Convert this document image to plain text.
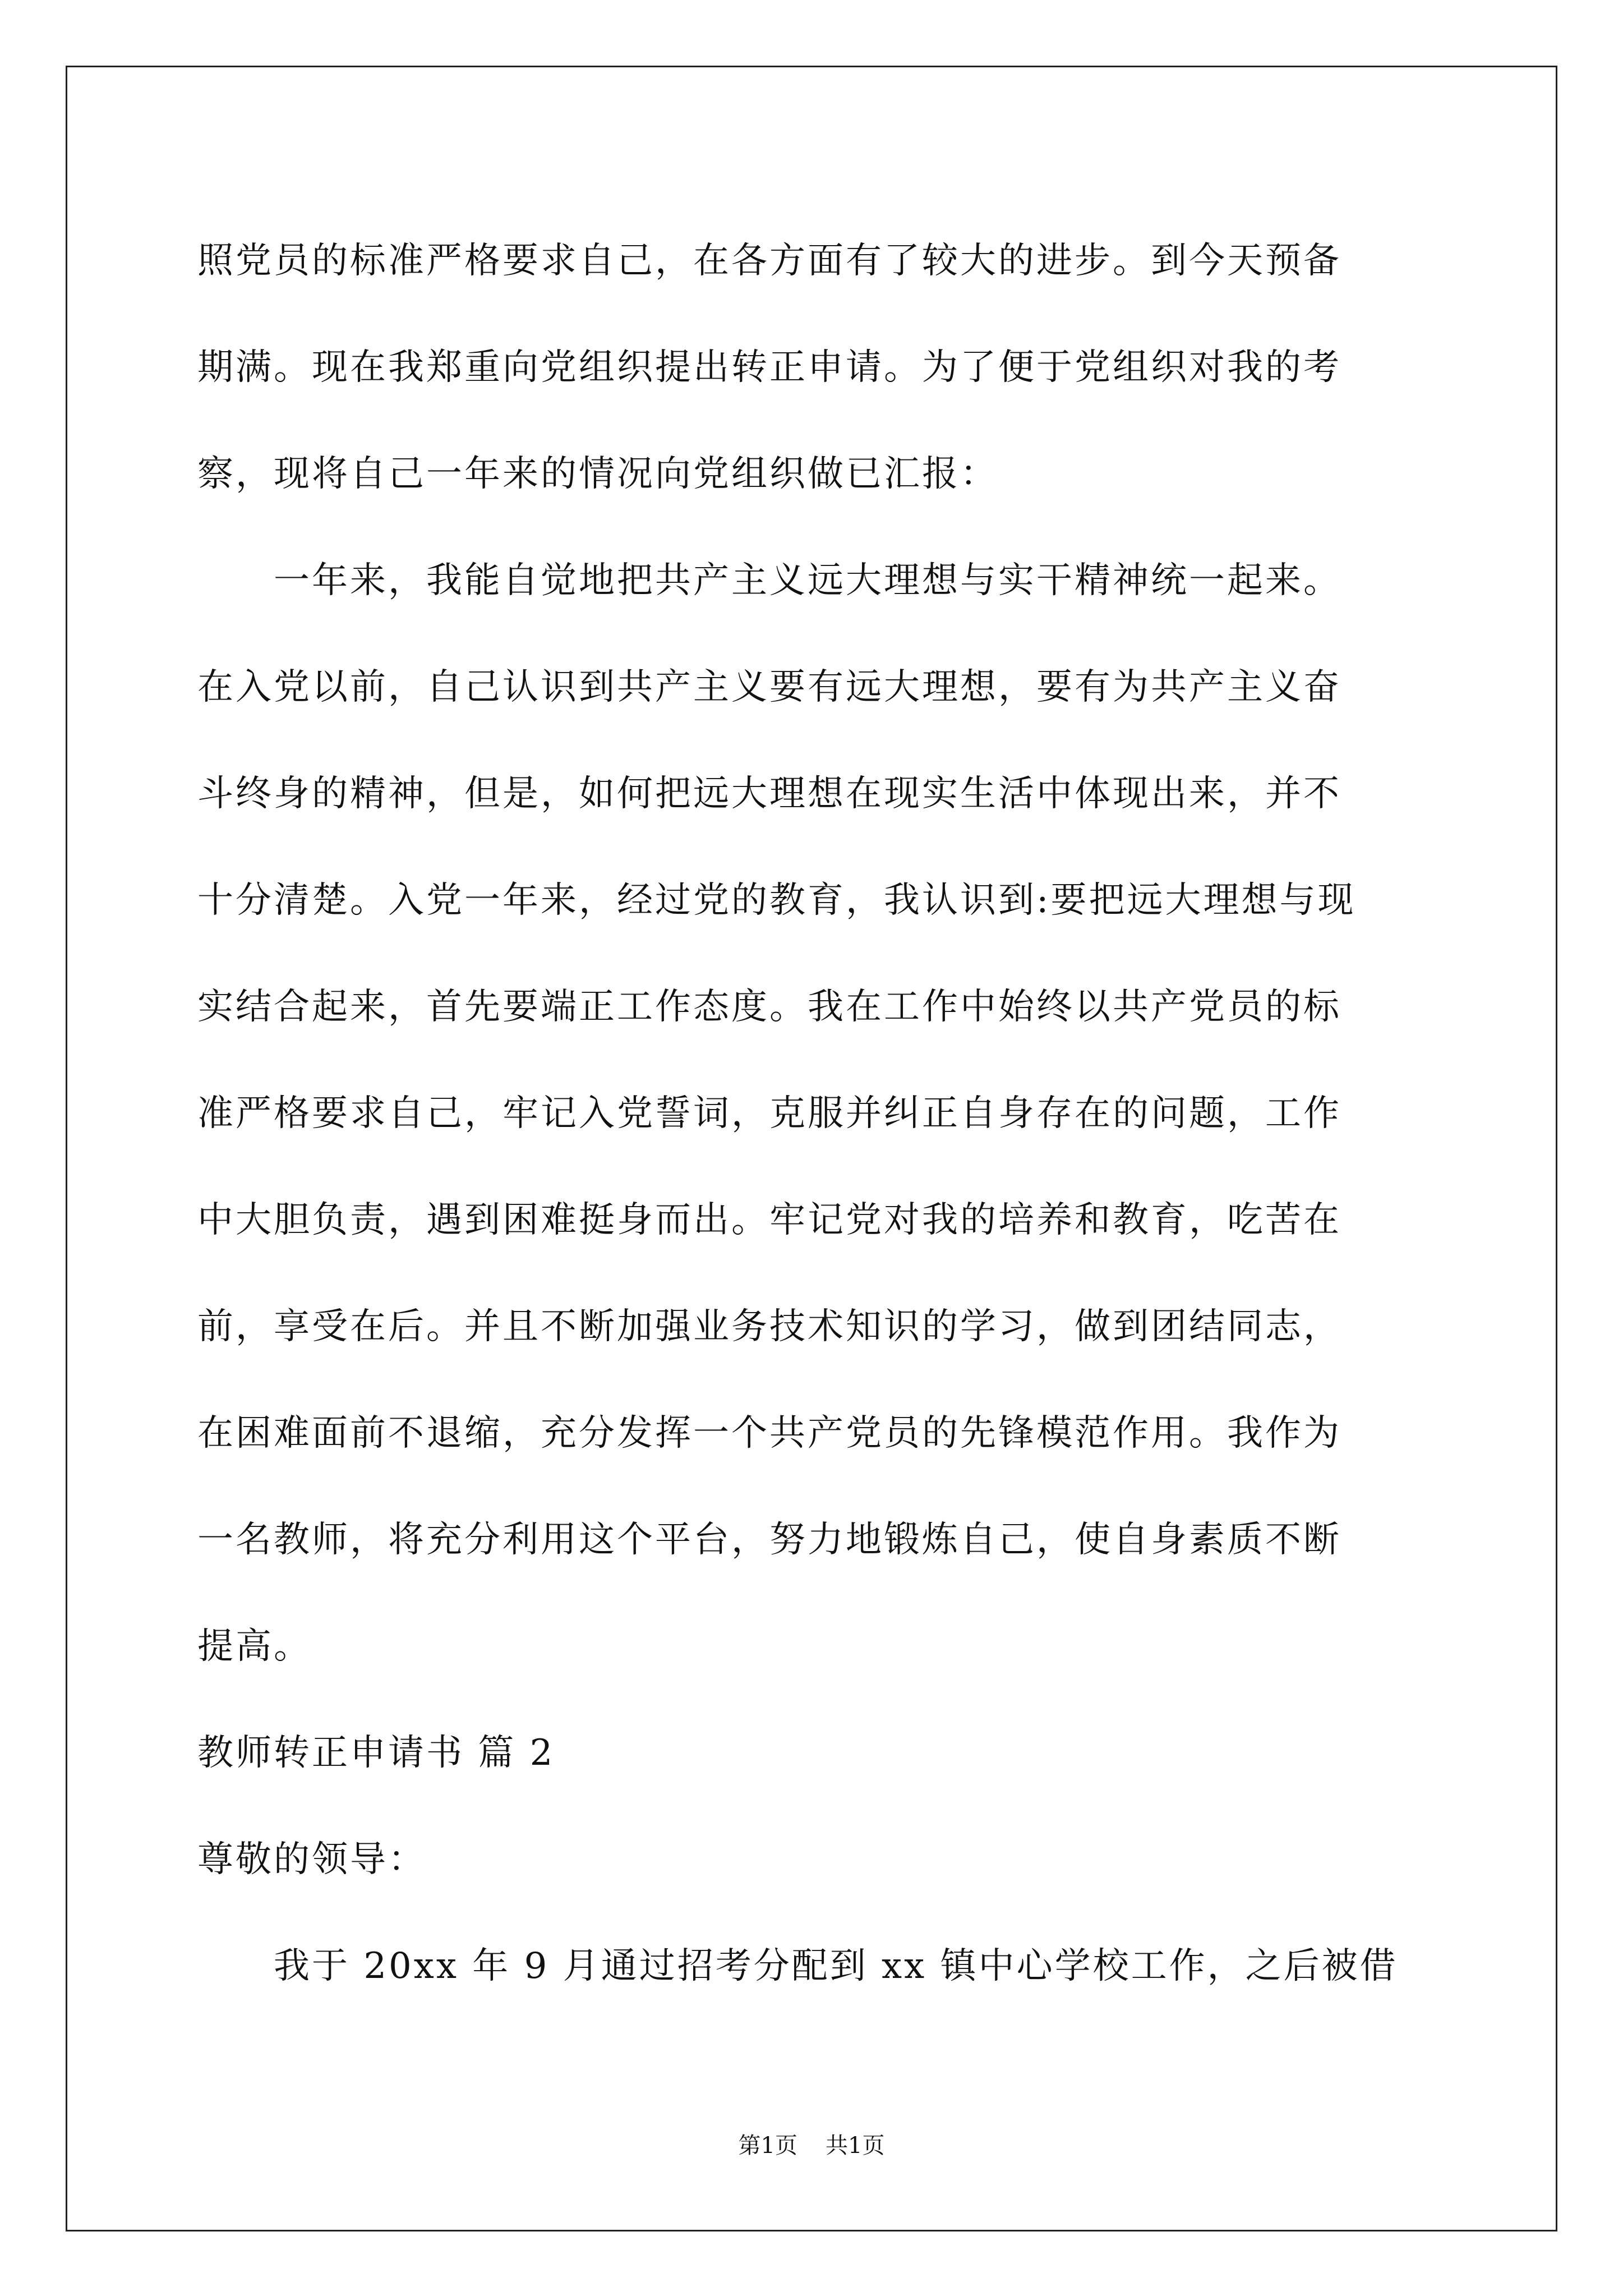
照党员的标准严格要求自己，在各方面有了较大的进步。到今天预备
期满。现在我郑重向党组织提出转正申请。为了便于党组织对我的考
察，现将自己一年来的情况向党组织做已汇报：
　　一年来，我能自觉地把共产主义远大理想与实干精神统一起来。
在入党以前，自己认识到共产主义要有远大理想，要有为共产主义奋
斗终身的精神，但是，如何把远大理想在现实生活中体现出来，并不
十分清楚。入党一年来，经过党的教育，我认识到:要把远大理想与现
实结合起来，首先要端正工作态度。我在工作中始终以共产党员的标
准严格要求自己，牢记入党誓词，克服并纠正自身存在的问题，工作
中大胆负责，遇到困难挺身而出。牢记党对我的培养和教育，吃苦在
前，享受在后。并且不断加强业务技术知识的学习，做到团结同志，
在困难面前不退缩，充分发挥一个共产党员的先锋模范作用。我作为
一名教师，将充分利用这个平台，努力地锻炼自己，使自身素质不断
提高。
教师转正申请书 篇 2
尊敬的领导：
　　我于 20xx 年 9 月通过招考分配到 xx 镇中心学校工作，之后被借
第1页 共1页
